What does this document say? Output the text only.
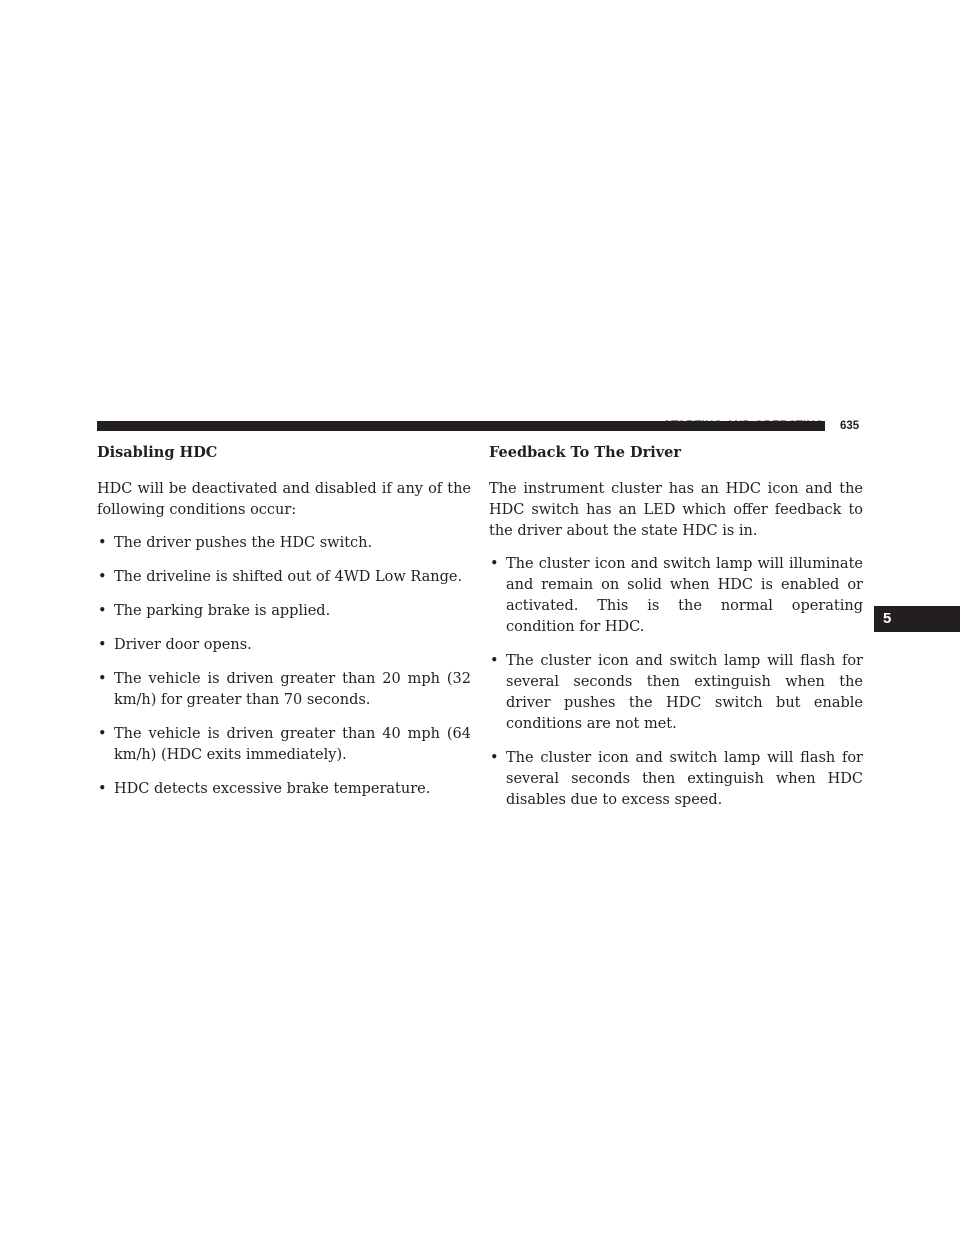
STARTING AND OPERATING 635
5
Disabling HDC

HDC will be deactivated and disabled if any of the following conditions occur:

• The driver pushes the HDC switch.
• The driveline is shifted out of 4WD Low Range.
• The parking brake is applied.
• Driver door opens.
• The vehicle is driven greater than 20 mph (32 km/h) for greater than 70 seconds.
• The vehicle is driven greater than 40 mph (64 km/h) (HDC exits immediately).
• HDC detects excessive brake temperature.
Feedback To The Driver

The instrument cluster has an HDC icon and the HDC switch has an LED which offer feedback to the driver about the state HDC is in.

• The cluster icon and switch lamp will illuminate and remain on solid when HDC is enabled or activated. This is the normal operating condition for HDC.
• The cluster icon and switch lamp will flash for several seconds then extinguish when the driver pushes the HDC switch but enable conditions are not met.
• The cluster icon and switch lamp will flash for several seconds then extinguish when HDC disables due to excess speed.
